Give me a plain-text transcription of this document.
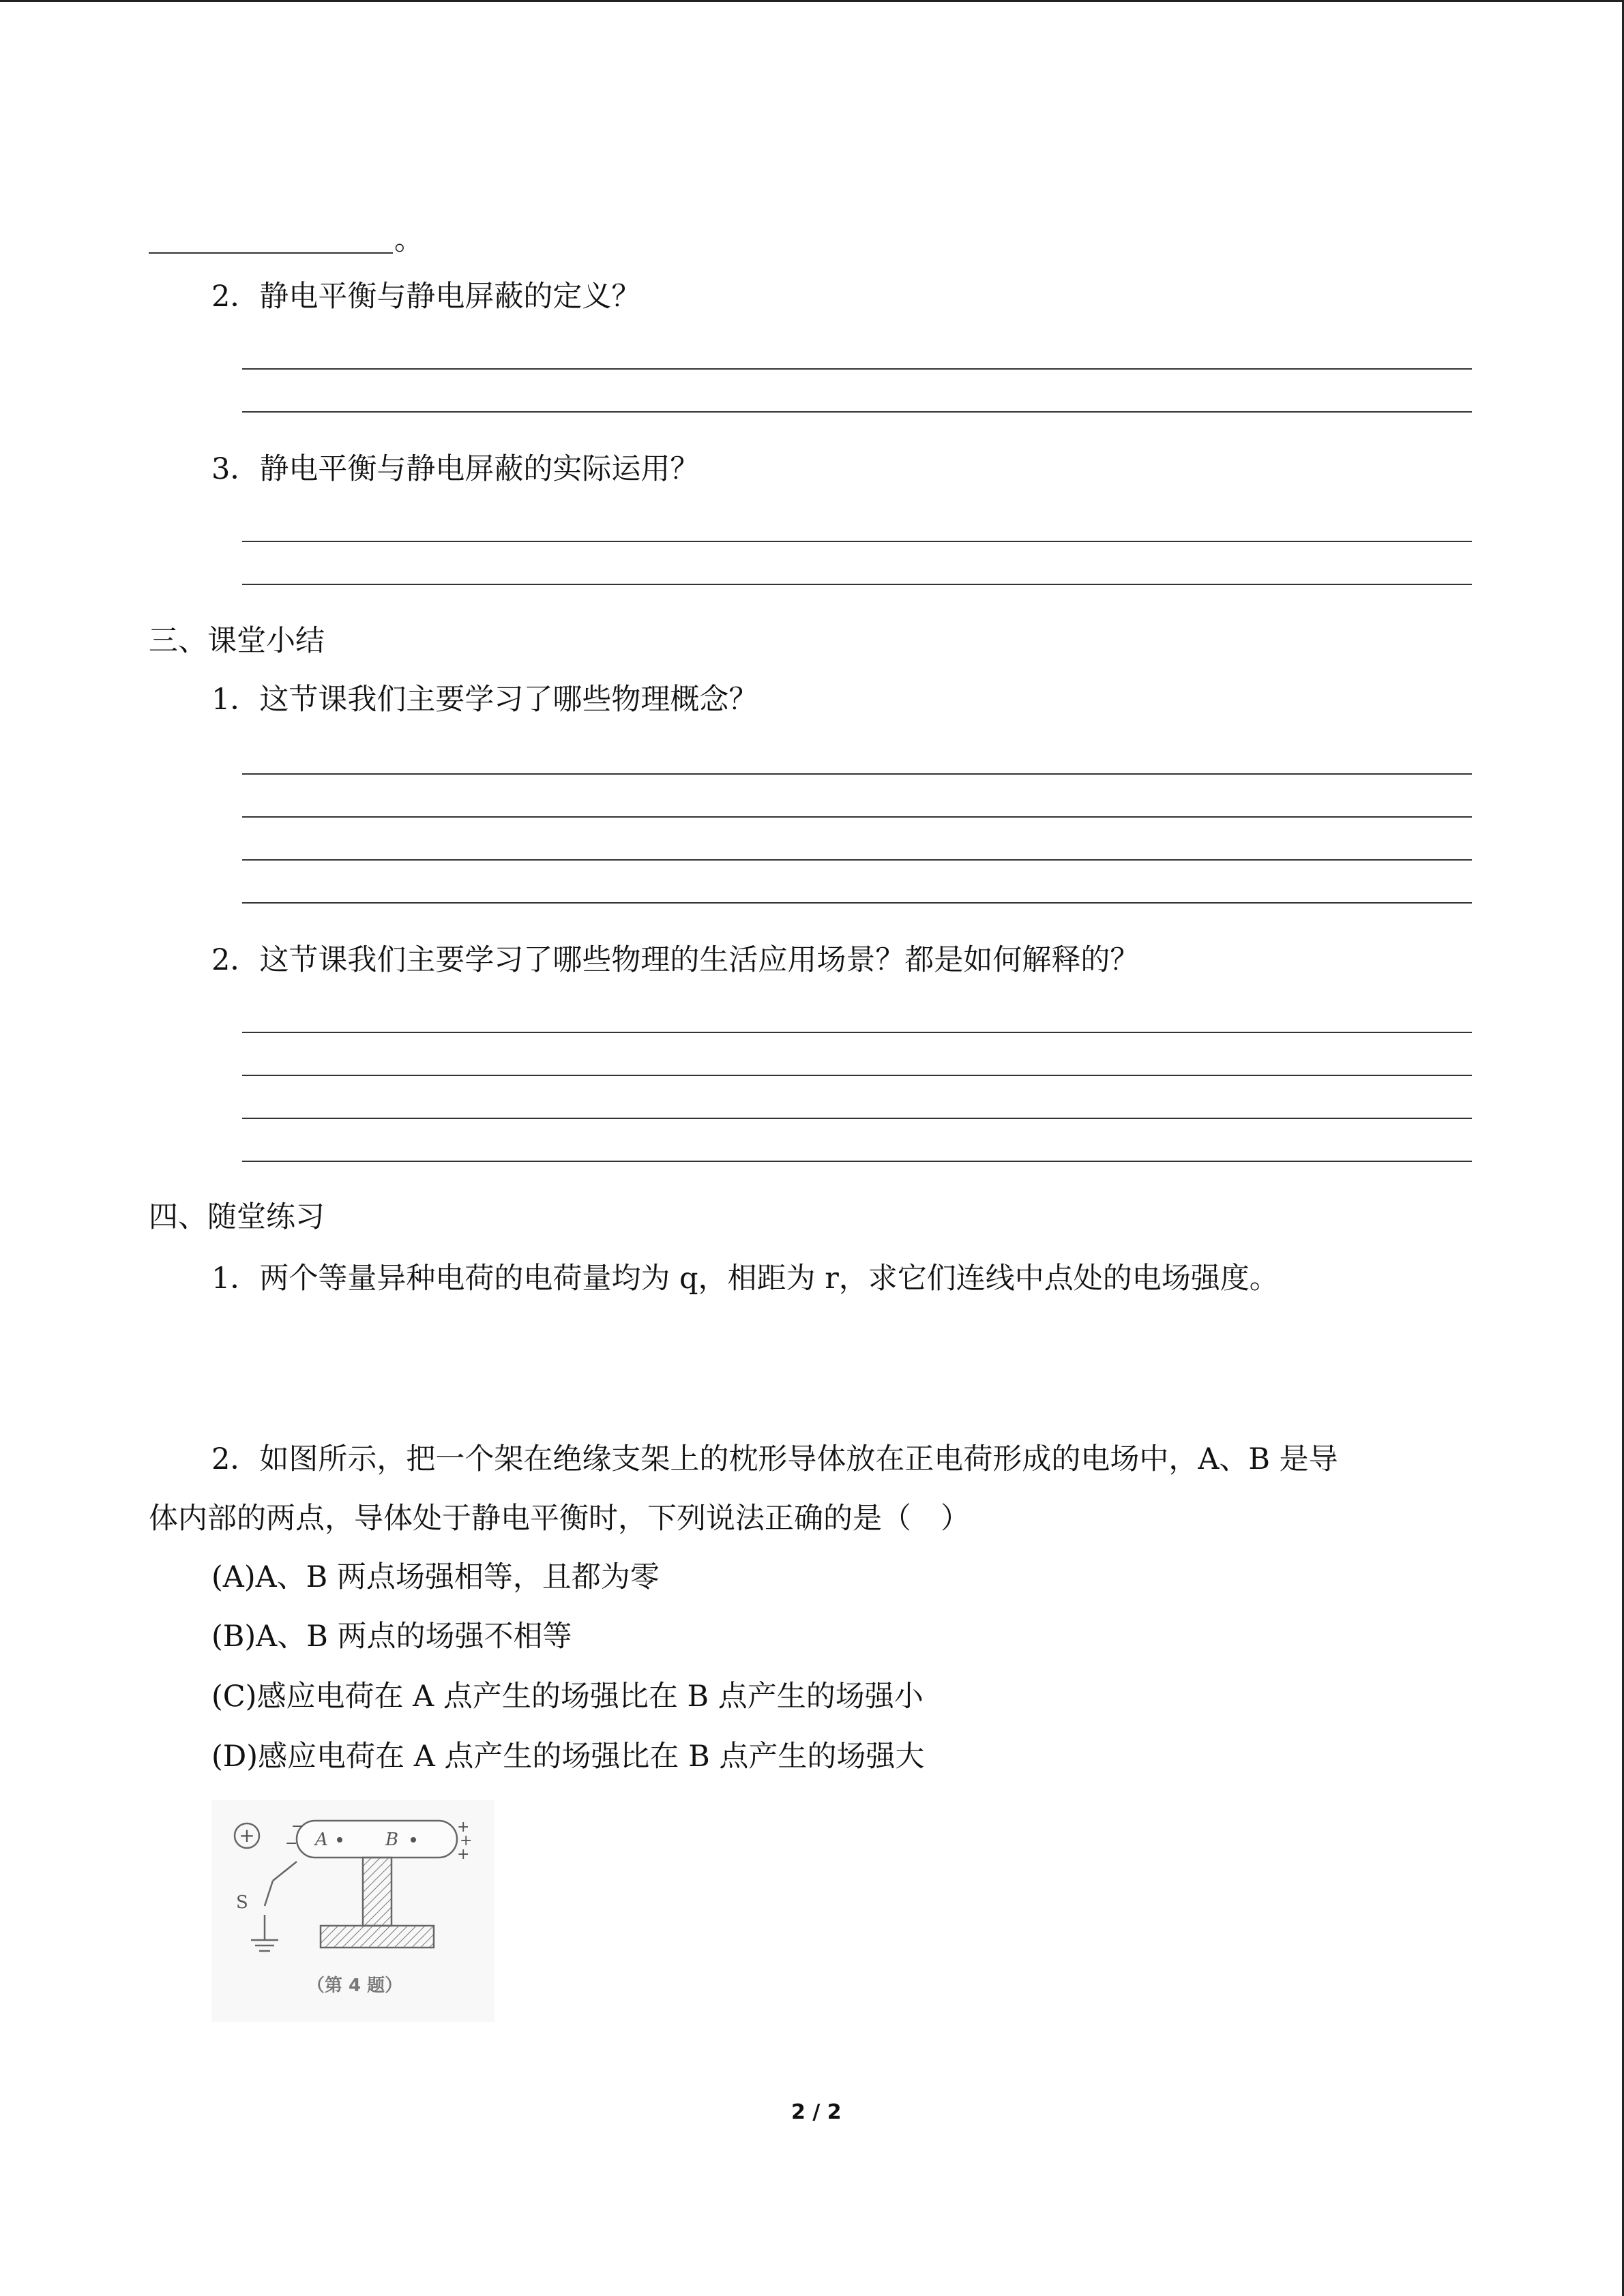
。
2．静电平衡与静电屏蔽的定义？
3．静电平衡与静电屏蔽的实际运用？
三、课堂小结
1．这节课我们主要学习了哪些物理概念？
2．这节课我们主要学习了哪些物理的生活应用场景？都是如何解释的？
四、随堂练习
1．两个等量异种电荷的电荷量均为 q，相距为 r，求它们连线中点处的电场强度。
2．如图所示，把一个架在绝缘支架上的枕形导体放在正电荷形成的电场中，A、B 是导
体内部的两点，导体处于静电平衡时，下列说法正确的是（　）
(A)A、B 两点场强相等，且都为零
(B)A、B 两点的场强不相等
(C)感应电荷在 A 点产生的场强比在 B 点产生的场强小
(D)感应电荷在 A 点产生的场强比在 B 点产生的场强大
+ −
−
+
+
+
A	B
S
（第 4 题）
2 / 2
